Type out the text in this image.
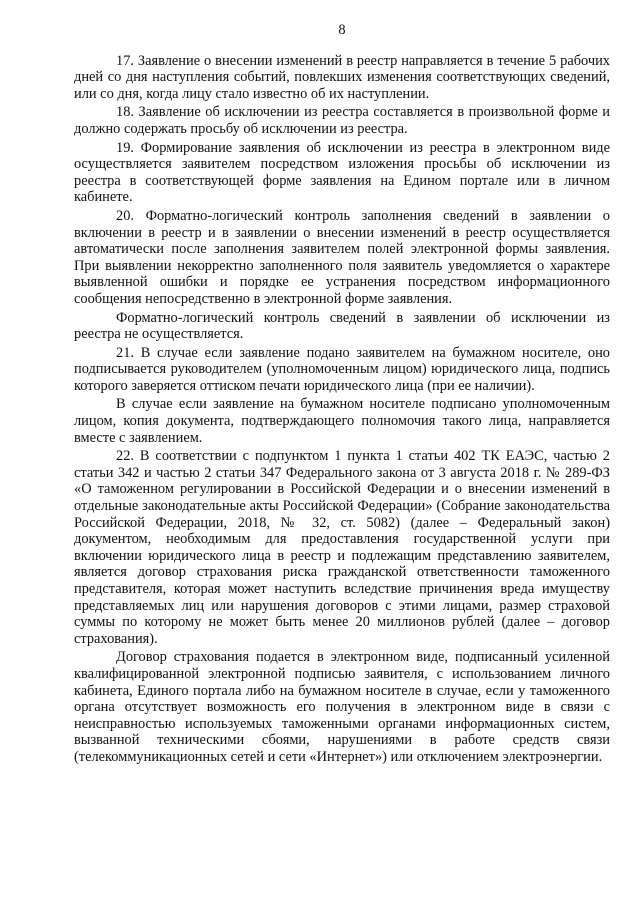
8

17. Заявление о внесении изменений в реестр направляется в течение 5 рабочих дней со дня наступления событий, повлекших изменения соответствующих сведений, или со дня, когда лицу стало известно об их наступлении.

18. Заявление об исключении из реестра составляется в произвольной форме и должно содержать просьбу об исключении из реестра.

19. Формирование заявления об исключении из реестра в электронном виде осуществляется заявителем посредством изложения просьбы об исключении из реестра в соответствующей форме заявления на Едином портале или в личном кабинете.

20. Форматно-логический контроль заполнения сведений в заявлении о включении в реестр и в заявлении о внесении изменений в реестр осуществляется автоматически после заполнения заявителем полей электронной формы заявления. При выявлении некорректно заполненного поля заявитель уведомляется о характере выявленной ошибки и порядке ее устранения посредством информационного сообщения непосредственно в электронной форме заявления.

Форматно-логический контроль сведений в заявлении об исключении из реестра не осуществляется.

21. В случае если заявление подано заявителем на бумажном носителе, оно подписывается руководителем (уполномоченным лицом) юридического лица, подпись которого заверяется оттиском печати юридического лица (при ее наличии).

В случае если заявление на бумажном носителе подписано уполномоченным лицом, копия документа, подтверждающего полномочия такого лица, направляется вместе с заявлением.

22. В соответствии с подпунктом 1 пункта 1 статьи 402 ТК ЕАЭС, частью 2 статьи 342 и частью 2 статьи 347 Федерального закона от 3 августа 2018 г. № 289-ФЗ «О таможенном регулировании в Российской Федерации и о внесении изменений в отдельные законодательные акты Российской Федерации» (Собрание законодательства Российской Федерации, 2018, № 32, ст. 5082) (далее – Федеральный закон) документом, необходимым для предоставления государственной услуги при включении юридического лица в реестр и подлежащим представлению заявителем, является договор страхования риска гражданской ответственности таможенного представителя, которая может наступить вследствие причинения вреда имуществу представляемых лиц или нарушения договоров с этими лицами, размер страховой суммы по которому не может быть менее 20 миллионов рублей (далее – договор страхования).

Договор страхования подается в электронном виде, подписанный усиленной квалифицированной электронной подписью заявителя, с использованием личного кабинета, Единого портала либо на бумажном носителе в случае, если у таможенного органа отсутствует возможность его получения в электронном виде в связи с неисправностью используемых таможенными органами информационных систем, вызванной техническими сбоями, нарушениями в работе средств связи (телекоммуникационных сетей и сети «Интернет») или отключением электроэнергии.
